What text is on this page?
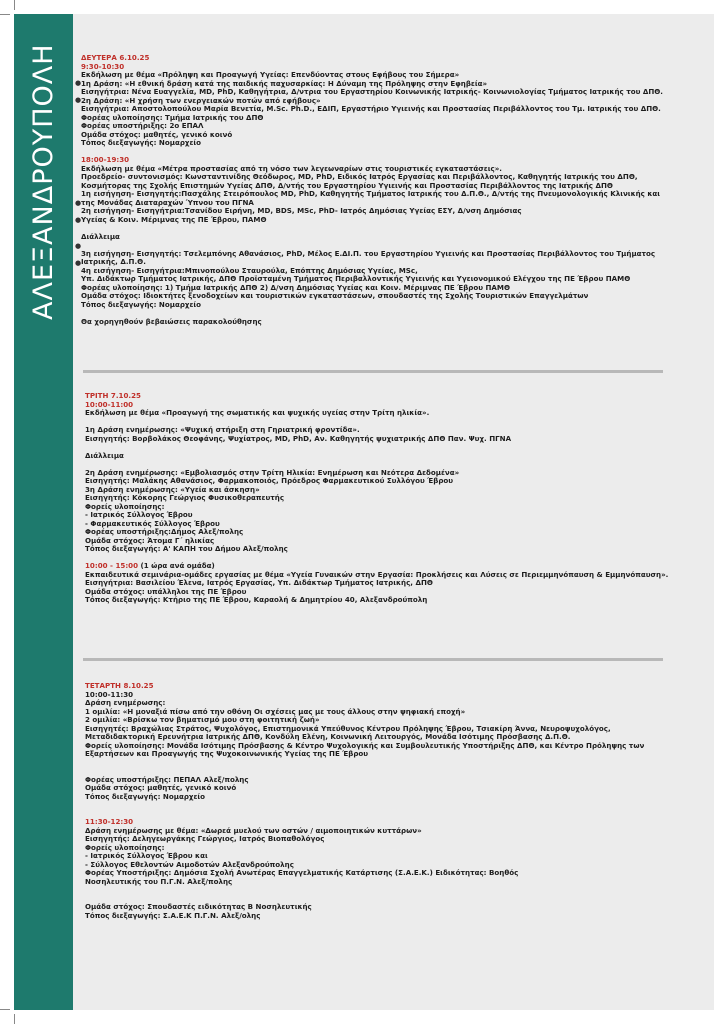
ΑΛΕΞΑΝΔΡΟΥΠΟΛΗ	ΔΕΥΤΕΡΑ 6.10.25
9:30-10:30
●
●
Εκδήλωση με θέμα «Πρόληψη και Προαγωγή Υγείας: Επενδύοντας στους Εφήβους του Σήμερα»
1η Δράση: «Η εθνική δράση κατά της παιδικής παχυσαρκίας: Η Δύναμη της Πρόληψης στην Εφηβεία»
Εισηγήτρια: Νένα Ευαγγελία, MD, PhD, Καθηγήτρια, Δ/ντρια του Εργαστηρίου Κοινωνικής Ιατρικής- Κοινωνιολογίας Τμήματος Ιατρικής του ΔΠΘ.
2η Δράση: «Η χρήση των ενεργειακών ποτών από εφήβους»
Εισηγήτρια: Αποστολοπούλου Μαρία Βενετία, M.Sc. Ph.D., ΕΔΙΠ, Εργαστήριο Υγιεινής και Προστασίας Περιβάλλοντος του Τμ. Ιατρικής του ΔΠΘ.
Φορέας υλοποίησης: Τμήμα Ιατρικής του ΔΠΘ
Φορέας υποστήριξης: 2ο ΕΠΑΛ
Ομάδα στόχος: μαθητές, γενικό κοινό
Τόπος διεξαγωγής: Νομαρχείο
18:00-19:30
●
●
Εκδήλωση με θέμα «Μέτρα προστασίας από τη νόσο των λεγεωναρίων στις τουριστικές εγκαταστάσεις».
Προεδρείο- συντονισμός: Κωνσταντινίδης Θεόδωρος, MD, PhD, Ειδικός Ιατρός Εργασίας και Περιβάλλοντος, Καθηγητής Ιατρικής του ΔΠΘ,
Κοσμήτορας της Σχολής Επιστημών Υγείας ΔΠΘ, Δ/ντής του Εργαστηρίου Υγιεινής και Προστασίας Περιβάλλοντος της Ιατρικής ΔΠΘ
1η εισήγηση- Εισηγητής:Πασχάλης Στειρόπουλος MD, PhD, Καθηγητής Τμήματος Ιατρικής του Δ.Π.Θ., Δ/ντής της Πνευμονολογικής Κλινικής και
της Μονάδας Διαταραχών Ύπνου του ΠΓΝΑ
2η εισήγηση- Εισηγήτρια:Τσανίδου Ειρήνη, MD, BDS, MSc, PhD- Ιατρός Δημόσιας Υγείας ΕΣΥ, Δ/νση Δημόσιας
Υγείας & Κοιν. Μέριμνας της ΠΕ Έβρου, ΠΑΜΘ
Διάλλειμα
●
●
3η εισήγηση- Εισηγητής: Τσελεμπόνης Αθανάσιος, PhD, Μέλος Ε.ΔΙ.Π. του Εργαστηρίου Υγιεινής και Προστασίας Περιβάλλοντος του Τμήματος
Ιατρικής, Δ.Π.Θ.
4η εισήγηση- Εισηγήτρια:Μπινοπούλου Σταυρούλα, Επόπτης Δημόσιας Υγείας, MSc,
Υπ. Διδάκτωρ Τμήματος Ιατρικής, ΔΠΘ Προϊσταμένη Τμήματος Περιβαλλοντικής Υγιεινής και Υγειονομικού Ελέγχου της ΠΕ Έβρου ΠΑΜΘ
Φορέας υλοποίησης: 1) Τμήμα Ιατρικής ΔΠΘ 2) Δ/νση Δημόσιας Υγείας και Κοιν. Μέριμνας ΠΕ Έβρου ΠΑΜΘ
Ομάδα στόχος: Ιδιοκτήτες ξενοδοχείων και τουριστικών εγκαταστάσεων, σπουδαστές της Σχολής Τουριστικών Επαγγελμάτων
Τόπος διεξαγωγής: Νομαρχείο
Θα χορηγηθούν βεβαιώσεις παρακολούθησης
ΤΡΙΤΗ 7.10.25
10:00-11:00
Εκδήλωση με θέμα «Προαγωγή της σωματικής και ψυχικής υγείας στην Τρίτη ηλικία».
1η Δράση ενημέρωσης: «Ψυχική στήριξη στη Γηριατρική φροντίδα».
Εισηγητής: Βορβολάκος Θεοφάνης, Ψυχίατρος, MD, PhD, Αν. Καθηγητής ψυχιατρικής ΔΠΘ Παν. Ψυχ. ΠΓΝΑ
Διάλλειμα
2η Δράση ενημέρωσης: «Εμβολιασμός στην Τρίτη Ηλικία: Ενημέρωση και Νεότερα Δεδομένα»
Εισηγητής: Μαλάκης Αθανάσιος, Φαρμακοποιός, Πρόεδρος Φαρμακευτικού Συλλόγου Έβρου
3η Δράση ενημέρωσης: «Υγεία και άσκηση»
Εισηγητής: Κόκορης Γεώργιος Φυσικοθεραπευτής
Φορείς υλοποίησης:
- Ιατρικός Σύλλογος Έβρου
- Φαρμακευτικός Σύλλογος Έβρου
Φορέας υποστήριξης:Δήμος Αλεξ/πολης
Ομάδα στόχος: Άτομα Γ΄ ηλικίας
Τόπος διεξαγωγής: Α' ΚΑΠΗ του Δήμου Αλεξ/πολης
10:00 - 15:00 (1 ώρα ανά ομάδα)
Εκπαιδευτικά σεμινάρια-ομάδες εργασίας με θέμα «Υγεία Γυναικών στην Εργασία: Προκλήσεις και Λύσεις σε Περιεμμηνόπαυση & Εμμηνόπαυση».
Εισηγήτρια: Βασιλείου Έλενα, Ιατρός Εργασίας, Υπ. Διδάκτωρ Τμήματος Ιατρικής, ΔΠΘ
Ομάδα στόχος: υπάλληλοι της ΠΕ Έβρου
Τόπος διεξαγωγής: Κτήριο της ΠΕ Έβρου, Καραολή & Δημητρίου 40, Αλεξανδρούπολη
ΤΕΤΑΡΤΗ 8.10.25
10:00-11:30
Δράση ενημέρωσης:
1 ομιλία: «Η μοναξιά πίσω από την οθόνη Οι σχέσεις μας με τους άλλους στην ψηφιακή εποχή»
2 ομιλία: «Βρίσκω τον βηματισμό μου στη φοιτητική ζωή»
Εισηγητές: Βραχώλιας Στράτος, Ψυχολόγος, Επιστημονικά Υπεύθυνος Κέντρου Πρόληψης Έβρου, Τσιακίρη Άννα, Νευροψυχολόγος,
Μεταδιδακτορική Ερευνήτρια Ιατρικής ΔΠΘ, Κονδύλη Ελένη, Κοινωνική Λειτουργός, Μονάδα Ισότιμης Πρόσβασης Δ.Π.Θ.
Φορείς υλοποίησης: Μονάδα Ισότιμης Πρόσβασης & Κέντρο Ψυχολογικής και Συμβουλευτικής Υποστήριξης ΔΠΘ, και Κέντρο Πρόληψης των
Εξαρτήσεων και Προαγωγής της Ψυχοκοινωνικής Υγείας της ΠΕ Έβρου
Φορέας υποστήριξης: ΠΕΠΑΛ Αλεξ/πολης
Ομάδα στόχος: μαθητές, γενικό κοινό
Τόπος διεξαγωγής: Νομαρχείο
11:30-12:30
Δράση ενημέρωσης με θέμα: «Δωρεά μυελού των οστών / αιμοποιητικών κυττάρων»
Εισηγητής: Δεληγεωργάκης Γεώργιος, Ιατρός Βιοπαθολόγος
Φορείς υλοποίησης:
- Ιατρικός Σύλλογος Έβρου και
- Σύλλογος Εθελοντών Αιμοδοτών Αλεξανδρούπολης
Φορέας Υποστήριξης: Δημόσια Σχολή Ανωτέρας Επαγγελματικής Κατάρτισης (Σ.Α.Ε.Κ.) Ειδικότητας: Βοηθός
Νοσηλευτικής του Π.Γ.Ν. Αλεξ/πολης
Ομάδα στόχος: Σπουδαστές ειδικότητας Β Νοσηλευτικής
Τόπος διεξαγωγής: Σ.Α.Ε.Κ Π.Γ.Ν. Αλεξ/ολης
